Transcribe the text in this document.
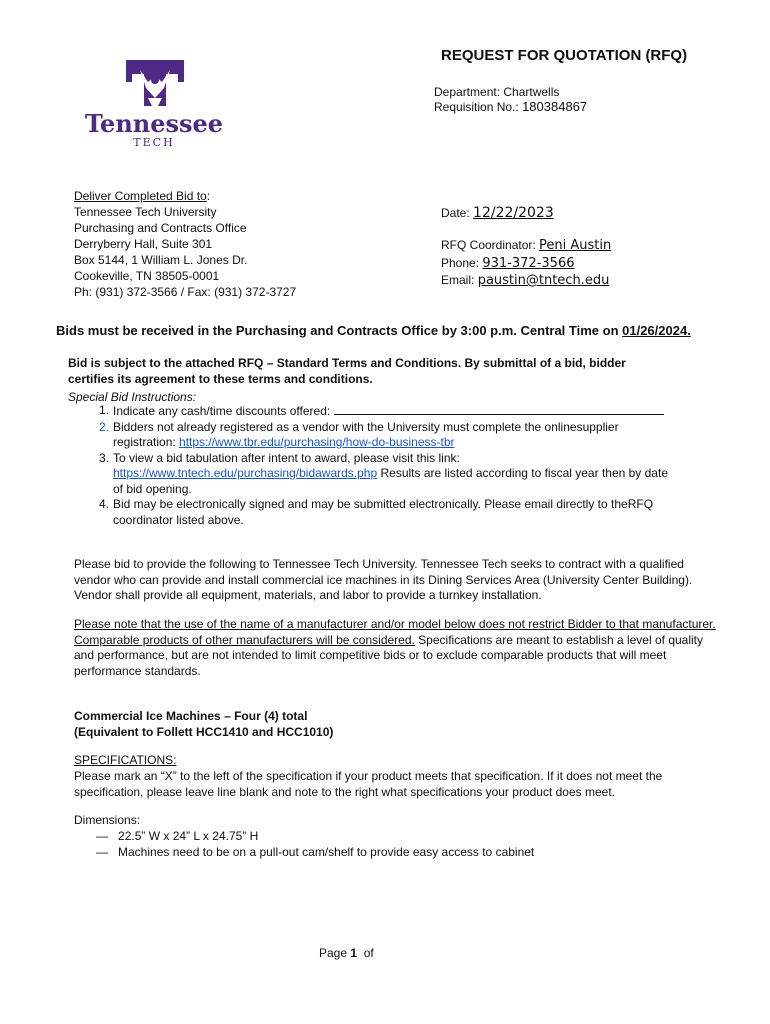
Tennessee
TECH
REQUEST FOR QUOTATION (RFQ)
Department: Chartwells
Requisition No.: 180384867
Deliver Completed Bid to:
Tennessee Tech University
Purchasing and Contracts Office
Derryberry Hall, Suite 301
Box 5144, 1 William L. Jones Dr.
Cookeville, TN 38505-0001
Ph: (931) 372-3566 / Fax: (931) 372-3727
Date: 12/22/2023
RFQ Coordinator: Peni Austin
Phone: 931-372-3566
Email: paustin@tntech.edu
Bids must be received in the Purchasing and Contracts Office by 3:00 p.m. Central Time on 01/26/2024.
Bid is subject to the attached RFQ – Standard Terms and Conditions. By submittal of a bid, bidder
certifies its agreement to these terms and conditions.
Special Bid Instructions:
1. Indicate any cash/time discounts offered:
2. Bidders not already registered as a vendor with the University must complete the onlinesupplier
registration: https://www.tbr.edu/purchasing/how-do-business-tbr
3. To view a bid tabulation after intent to award, please visit this link:
https://www.tntech.edu/purchasing/bidawards.php Results are listed according to fiscal year then by date
of bid opening.
4. Bid may be electronically signed and may be submitted electronically. Please email directly to theRFQ
coordinator listed above.
Please bid to provide the following to Tennessee Tech University. Tennessee Tech seeks to contract with a qualified
vendor who can provide and install commercial ice machines in its Dining Services Area (University Center Building).
Vendor shall provide all equipment, materials, and labor to provide a turnkey installation.
Please note that the use of the name of a manufacturer and/or model below does not restrict Bidder to that manufacturer.
Comparable products of other manufacturers will be considered. Specifications are meant to establish a level of quality
and performance, but are not intended to limit competitive bids or to exclude comparable products that will meet
performance standards.
Commercial Ice Machines – Four (4) total
(Equivalent to Follett HCC1410 and HCC1010)
SPECIFICATIONS:
Please mark an “X” to the left of the specification if your product meets that specification. If it does not meet the
specification, please leave line blank and note to the right what specifications your product does meet.
Dimensions:
— 22.5” W x 24” L x 24.75” H
— Machines need to be on a pull-out cam/shelf to provide easy access to cabinet
Page 1 of
